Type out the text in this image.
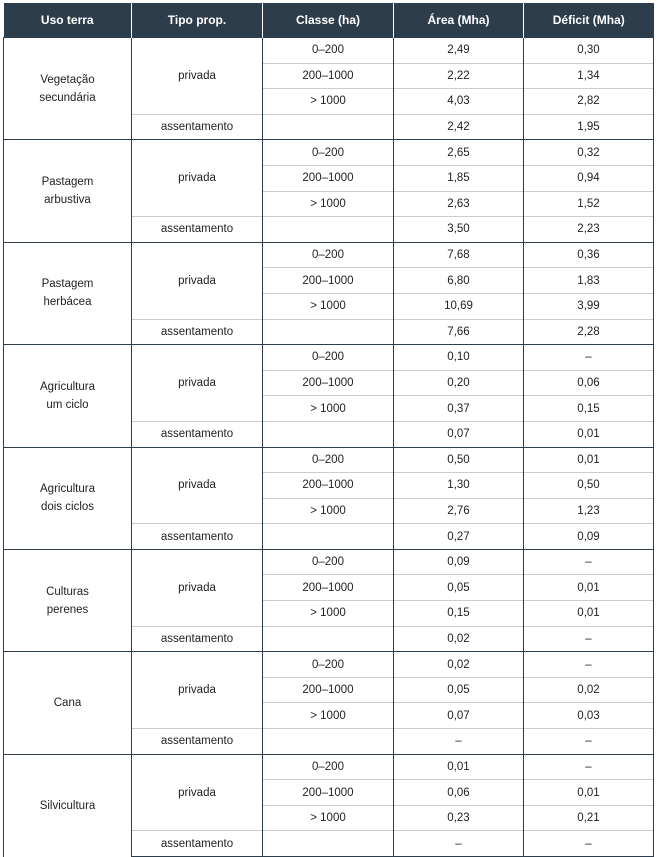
Uso terra	Tipo prop.	Classe (ha)	Área (Mha)	Déficit (Mha)
Vegetação
secundária	privada	0–200	2,49	0,30
		200–1000	2,22	1,34
		> 1000	4,03	2,82
	assentamento		2,42	1,95
Pastagem
arbustiva	privada	0–200	2,65	0,32
		200–1000	1,85	0,94
		> 1000	2,63	1,52
	assentamento		3,50	2,23
Pastagem
herbácea	privada	0–200	7,68	0,36
		200–1000	6,80	1,83
		> 1000	10,69	3,99
	assentamento		7,66	2,28
Agricultura
um ciclo	privada	0–200	0,10	–
		200–1000	0,20	0,06
		> 1000	0,37	0,15
	assentamento		0,07	0,01
Agricultura
dois ciclos	privada	0–200	0,50	0,01
		200–1000	1,30	0,50
		> 1000	2,76	1,23
	assentamento		0,27	0,09
Culturas
perenes	privada	0–200	0,09	–
		200–1000	0,05	0,01
		> 1000	0,15	0,01
	assentamento		0,02	–
Cana	privada	0–200	0,02	–
		200–1000	0,05	0,02
		> 1000	0,07	0,03
	assentamento		–	–
Silvicultura	privada	0–200	0,01	–
		200–1000	0,06	0,01
		> 1000	0,23	0,21
	assentamento		–	–
